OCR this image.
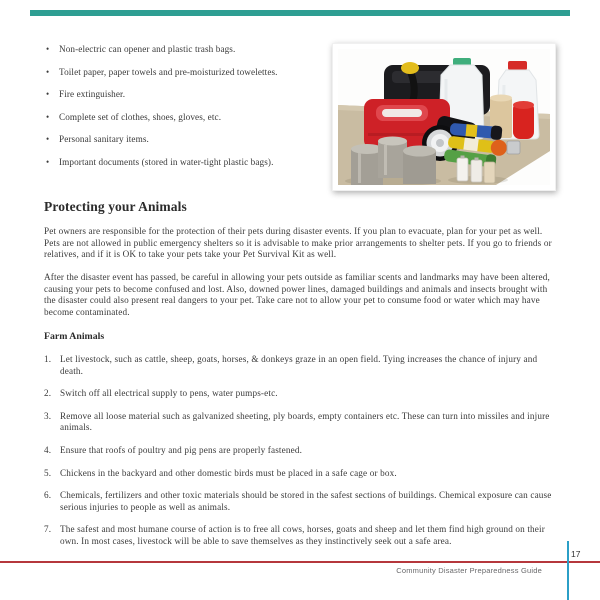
•	Non-electric can opener and plastic trash bags.
•	Toilet paper, paper towels and pre-moisturized towelettes.
•	Fire extinguisher.
•	Complete set of clothes, shoes, gloves, etc.
•	Personal sanitary items.
•	Important documents (stored in water-tight plastic bags).
Protecting your Animals

Pet owners are responsible for the protection of their pets during disaster events. If you plan to evacuate, plan for your pet as well. Pets are not allowed in public emergency shelters so it is advisable to make prior arrangements to shelter pets. If you go to friends or relatives, and if it is OK to take your pets take your Pet Survival Kit as well.

After the disaster event has passed, be careful in allowing your pets outside as familiar scents and landmarks may have been altered, causing your pets to become confused and lost. Also, downed power lines, damaged buildings and animals and insects brought with the disaster could also present real dangers to your pet. Take care not to allow your pet to consume food or water which may have become contaminated.

Farm Animals
1. Let livestock, such as cattle, sheep, goats, horses, & donkeys graze in an open field. Tying increases the chance of injury and death.
2. Switch off all electrical supply to pens, water pumps-etc.
3. Remove all loose material such as galvanized sheeting, ply boards, empty containers etc. These can turn into missiles and injure animals.
4. Ensure that roofs of poultry and pig pens are properly fastened.
5. Chickens in the backyard and other domestic birds must be placed in a safe cage or box.
6. Chemicals, fertilizers and other toxic materials should be stored in the safest sections of buildings. Chemical exposure can cause serious injuries to people as well as animals.
7. The safest and most humane course of action is to free all cows, horses, goats and sheep and let them find high ground on their own. In most cases, livestock will be able to save themselves as they instinctively seek out a safe area.
17
Community Disaster Preparedness Guide
